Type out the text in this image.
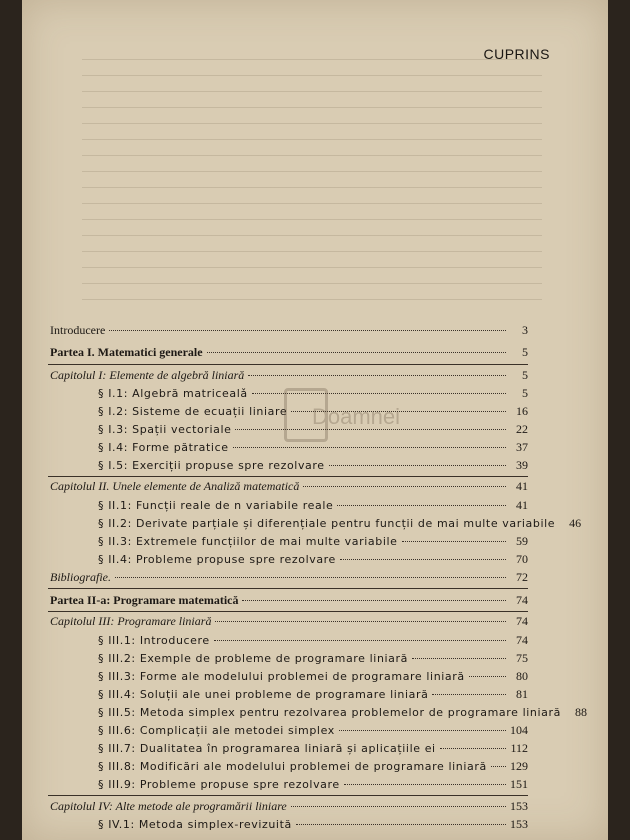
CUPRINS
Introducere	3
Partea I. Matematici generale	5
Capitolul I: Elemente de algebră liniară	5
§ I.1: Algebră matricealǎ	5
§ I.2: Sisteme de ecuații liniare	16
§ I.3: Spații vectoriale	22
§ I.4: Forme pătratice	37
§ I.5: Exerciții propuse spre rezolvare	39
Capitolul II. Unele elemente de Analiză matematică	41
§ II.1: Funcții reale de n variabile reale	41
§ II.2: Derivate parțiale și diferențiale pentru funcții de mai multe variabile	46
§ II.3: Extremele funcțiilor de mai multe variabile	59
§ II.4: Probleme propuse spre rezolvare	70
Bibliografie.	72
Partea II-a: Programare matematică	74
Capitolul III: Programare liniară	74
§ III.1: Introducere	74
§ III.2: Exemple de probleme de programare liniară	75
§ III.3: Forme ale modelului problemei de programare liniară	80
§ III.4: Soluții ale unei probleme de programare liniară	81
§ III.5: Metoda simplex pentru rezolvarea problemelor de programare liniară	88
§ III.6: Complicații ale metodei simplex	104
§ III.7: Dualitatea în programarea liniară și aplicațiile ei	112
§ III.8: Modificări ale modelului problemei de programare liniară 129
§ III.9: Probleme propuse spre rezolvare	151
Capitolul IV: Alte metode ale programării liniare	153
§ IV.1: Metoda simplex-revizuită	153
Doamnei
